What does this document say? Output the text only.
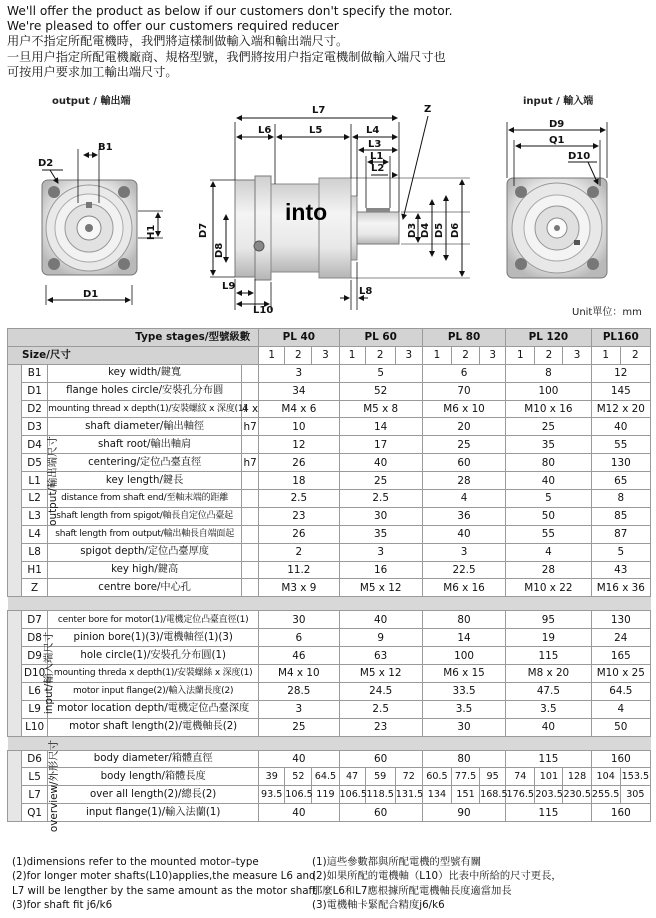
We'll offer the product as below if our customers don't specify the motor.
We're pleased to offer our customers required reducer
用户不指定所配電機時，我們將這樣制做輸入端和輸出端尺寸。
一旦用户指定所配電機廠商、規格型號，我們將按用户指定電機制做輸入端尺寸也
可按用户要求加工輸出端尺寸。
output / 輸出端	input / 輸入端
B1
D2
H1
D1
into
L7
L6	L5	L4
L3
L1
L2
Z
D7
D8
D3 D4 D5 D6
L9
L10
L8
D9
Q1
D10
Unit單位：mm
Type stages/型號級數				PL 40			PL 60			PL 80			PL 120			PL160	
Size/尺寸				1	2	3	1	2	3	1	2	3	1	2	3	1	2
output/輸出端尺寸	B1	key width/鍵寬		3			5			6			8			12	
	D1	flange holes circle/安裝孔分布圓		34			52			70			100			145	
	D2	mounting thread x depth(1)/安裝螺紋 x 深度(1)	4 x	M4 x 6			M5 x 8			M6 x 10			M10 x 16			M12 x 20	
	D3	shaft diameter/輸出軸徑	h7	10			14			20			25			40	
	D4	shaft root/輸出軸肩		12			17			25			35			55	
	D5	centering/定位凸臺直徑	h7	26			40			60			80			130	
	L1	key length/鍵長		18			25			28			40			65	
	L2	distance from shaft end/至軸末端的距離		2.5			2.5			4			5			8	
	L3	shaft length from spigot/軸長自定位凸臺起		23			30			36			50			85	
	L4	shaft length from output/輸出軸長自端面起		26			35			40			55			87	
	L8	spigot depth/定位凸臺厚度		2			3			3			4			5	
	H1	key high/鍵高		11.2			16			22.5			28			43	
	Z	centre bore/中心孔		M3 x 9			M5 x 12			M6 x 16			M10 x 22			M16 x 36	

input/輸入端尺寸	D7	center bore for motor(1)/電機定位凸臺直徑(1)		30			40			80			95			130	
	D8	pinion bore(1)(3)/電機軸徑(1)(3)		6			9			14			19			24	
	D9	hole circle(1)/安裝孔分布圓(1)		46			63			100			115			165	
	D10	mounting threda x depth(1)/安裝螺絲 x 深度(1)		M4 x 10			M5 x 12			M6 x 15			M8 x 20			M10 x 25	
	L6	motor input flange(2)/輸入法蘭長度(2)		28.5			24.5			33.5			47.5			64.5	
	L9	motor location depth/電機定位凸臺深度		3			2.5			3.5			3.5			4	
	L10	motor shaft length(2)/電機軸長(2)		25			23			30			40			50	

overview/外形尺寸	D6	body diameter/箱體直徑		40			60			80			115			160	
	L5	body length/箱體長度		39	52	64.5	47	59	72	60.5	77.5	95	74	101	128	104	153.5
	L7	over all length(2)/總長(2)		93.5	106.5	119	106.5	118.5	131.5	134	151	168.5	176.5	203.5	230.5	255.5	305
	Q1	input flange(1)/輸入法蘭(1)		40			60			90			115			160	
(1)dimensions refer to the mounted motor–type
(2)for longer moter shafts(L10)applies,the measure L6 and
L7 will be lengther by the same amount as the motor shaft
(3)for shaft fit j6/k6
(1)這些參數都與所配電機的型號有關
(2)如果所配的電機軸（L10）比表中所給的尺寸更長，
那麼L6和L7應根據所配電機軸長度適當加長
(3)電機軸卡緊配合精度j6/k6
